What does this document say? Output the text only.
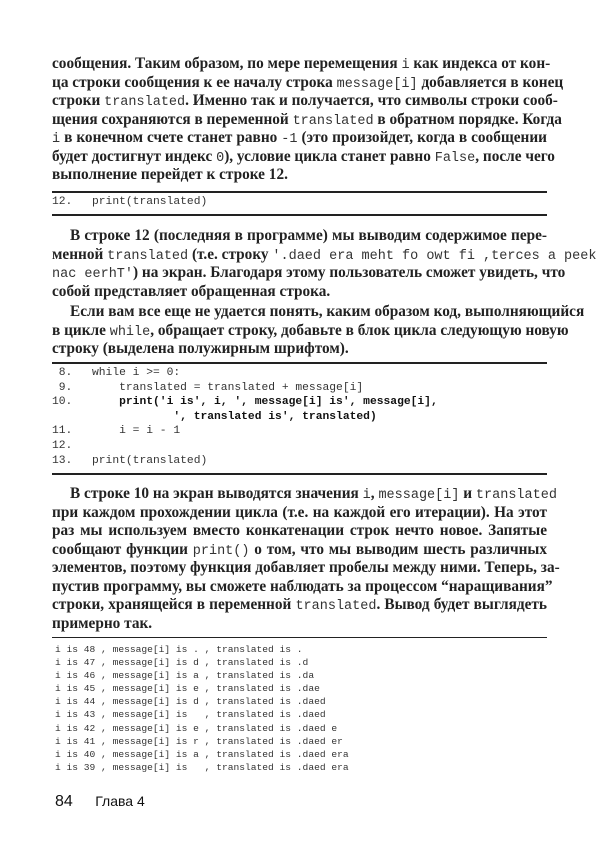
сообщения. Таким образом, по мере перемещения i как индекса от кон-
ца строки сообщения к ее началу строка message[i] добавляется в конец
строки translated. Именно так и получается, что символы строки сооб-
щения сохраняются в переменной translated в обратном порядке. Когда
i в конечном счете станет равно -1 (это произойдет, когда в сообщении
будет достигнут индекс 0), условие цикла станет равно False, после чего
выполнение перейдет к строке 12.
12. print(translated)
В строке 12 (последняя в программе) мы выводим содержимое пере-
менной translated (т.е. строку '.daed era meht fo owt fi ,terces a peek
nac eerhT') на экран. Благодаря этому пользователь сможет увидеть, что
собой представляет обращенная строка.
Если вам все еще не удается понять, каким образом код, выполняющийся
в цикле while, обращает строку, добавьте в блок цикла следующую новую
строку (выделена полужирным шрифтом).
8. while i >= 0:
9.    translated = translated + message[i]
10.    print('i is', i, ', message[i] is', message[i],
', translated is', translated)
11.    i = i - 1
12.
13. print(translated)
В строке 10 на экран выводятся значения i, message[i] и translated
при каждом прохождении цикла (т.е. на каждой его итерации). На этот
раз мы используем вместо конкатенации строк нечто новое. Запятые
сообщают функции print() о том, что мы выводим шесть различных
элементов, поэтому функция добавляет пробелы между ними. Теперь, за-
пустив программу, вы сможете наблюдать за процессом “наращивания”
строки, хранящейся в переменной translated. Вывод будет выглядеть
примерно так.
i is 48 , message[i] is . , translated is .
i is 47 , message[i] is d , translated is .d
i is 46 , message[i] is a , translated is .da
i is 45 , message[i] is e , translated is .dae
i is 44 , message[i] is d , translated is .daed
i is 43 , message[i] is   , translated is .daed
i is 42 , message[i] is e , translated is .daed e
i is 41 , message[i] is r , translated is .daed er
i is 40 , message[i] is a , translated is .daed era
i is 39 , message[i] is   , translated is .daed era
84 Глава 4
